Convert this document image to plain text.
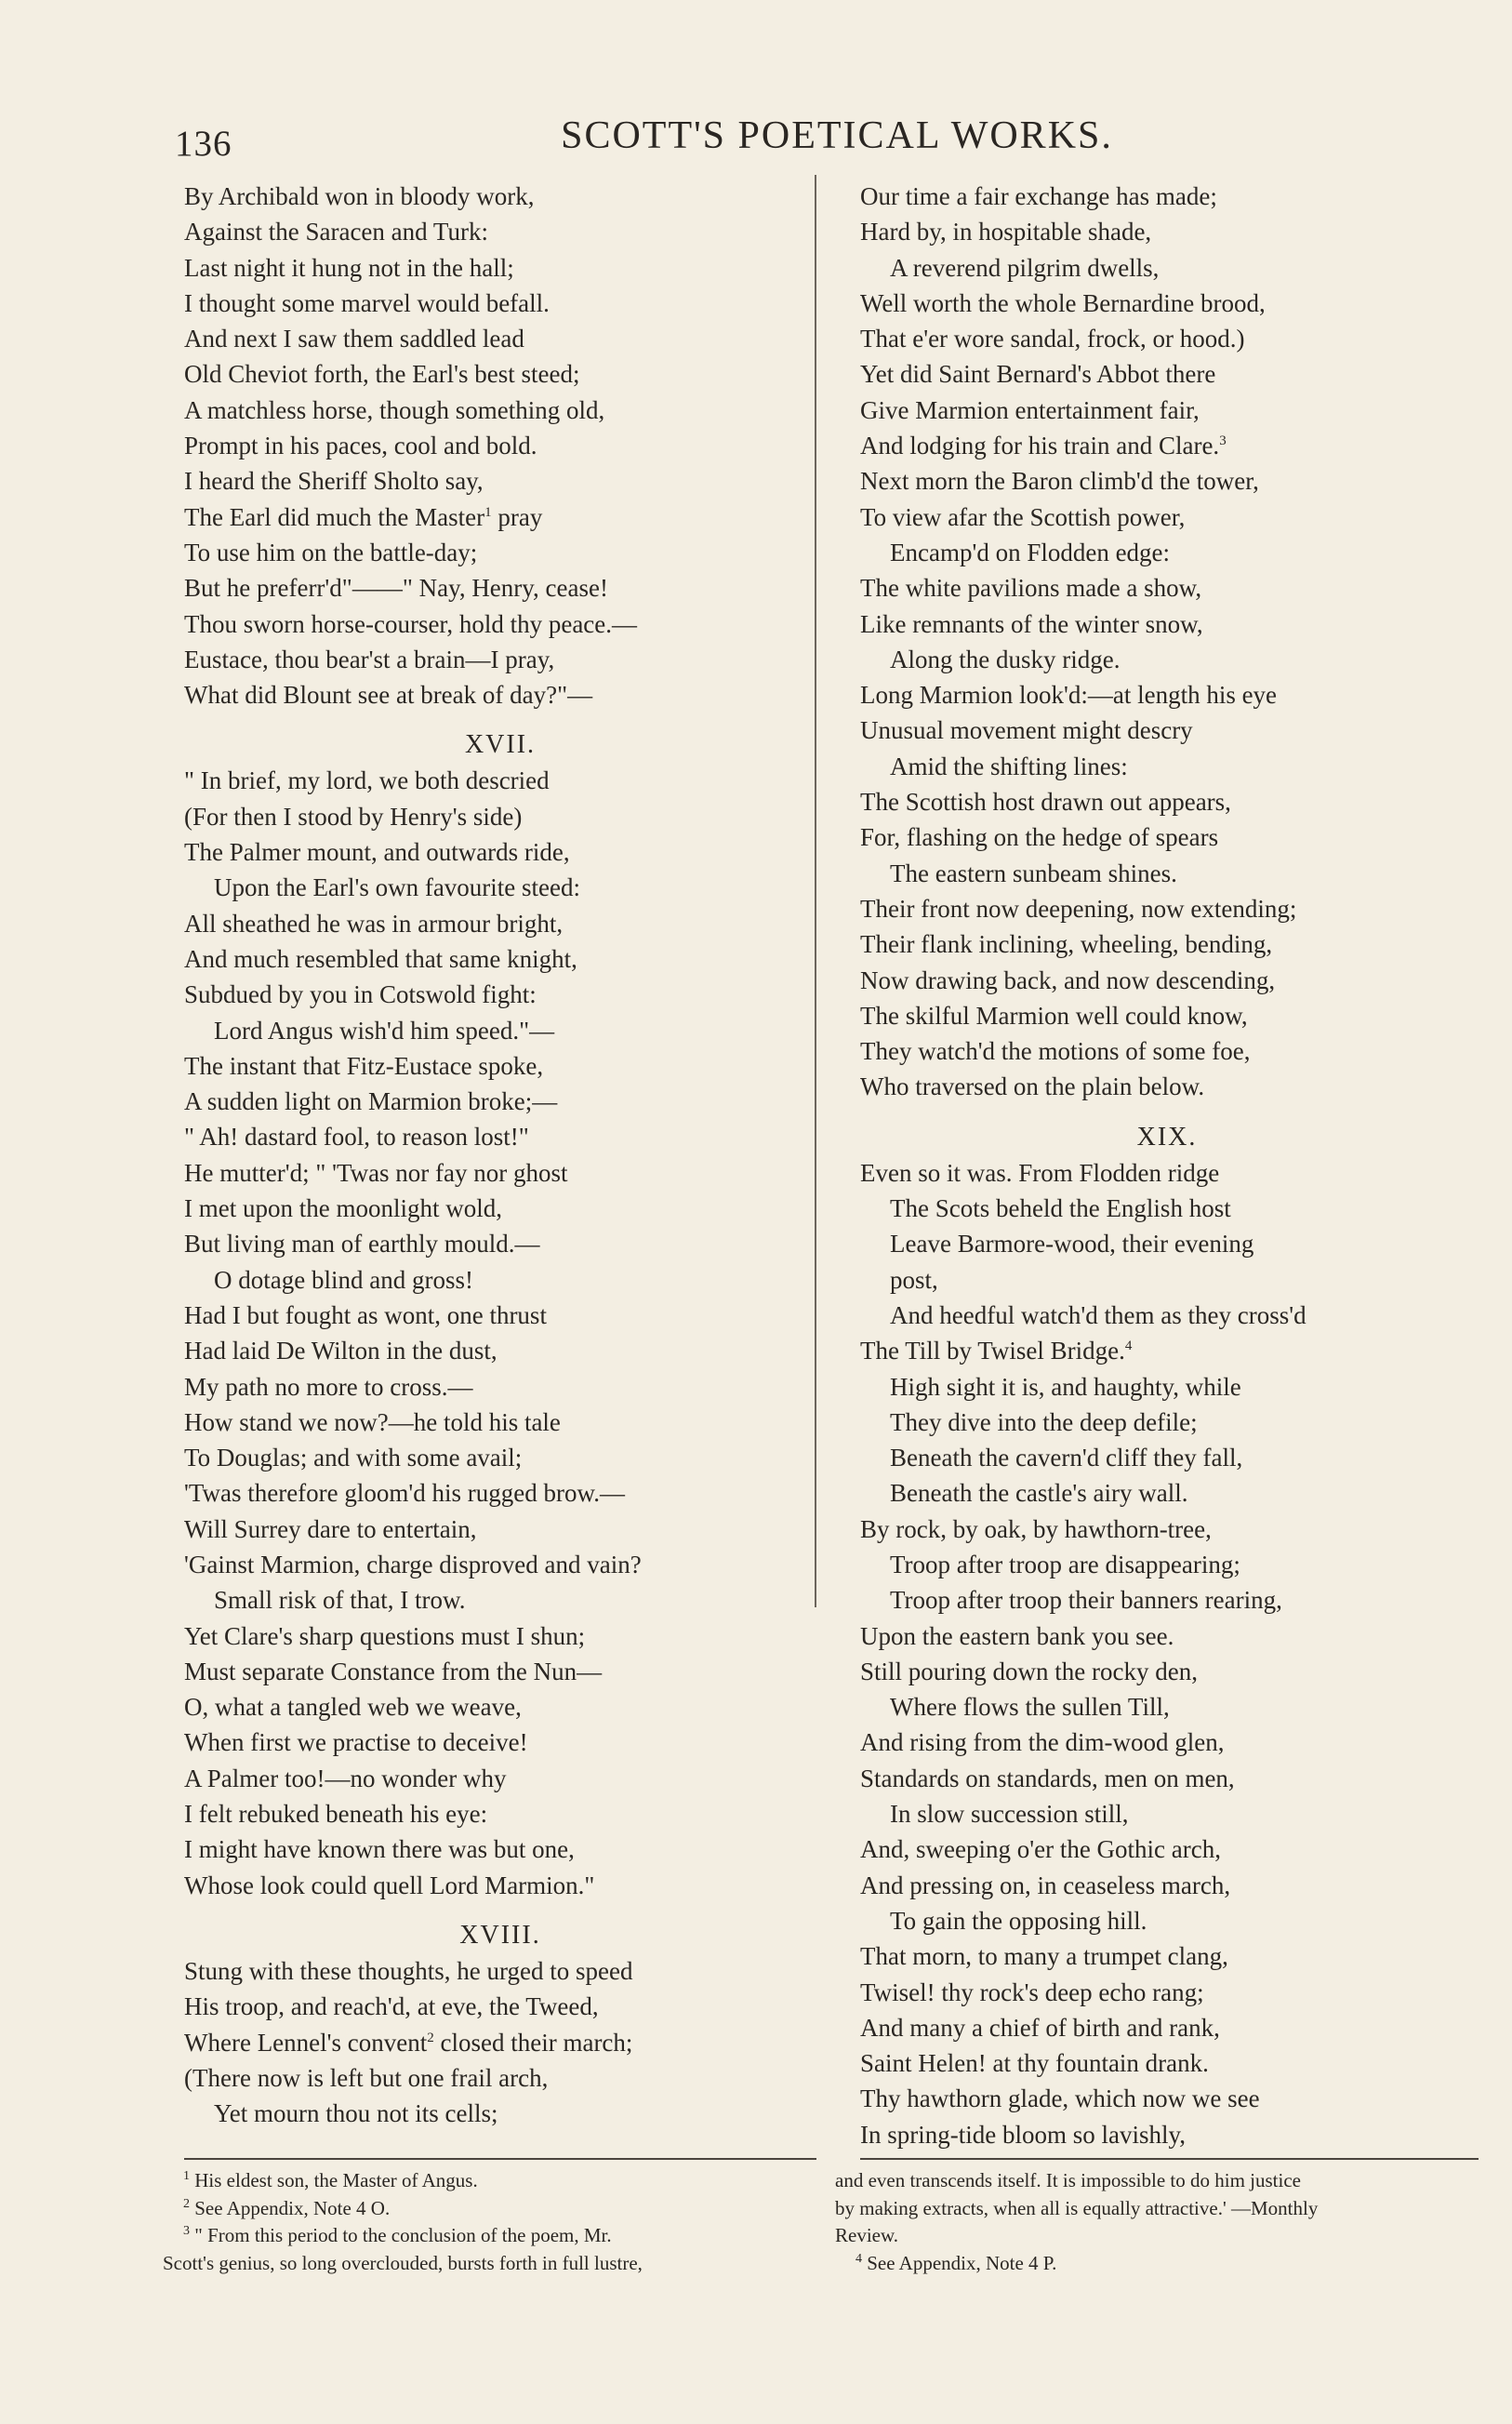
136	SCOTT'S POETICAL WORKS.
By Archibald won in bloody work,
Against the Saracen and Turk:
Last night it hung not in the hall;
I thought some marvel would befall.
And next I saw them saddled lead
Old Cheviot forth, the Earl's best steed;
A matchless horse, though something old,
Prompt in his paces, cool and bold.
I heard the Sheriff Sholto say,
The Earl did much the Master$^1$ pray
To use him on the battle-day;
But he preferr'd"——" Nay, Henry, cease!
Thou sworn horse-courser, hold thy peace.—
Eustace, thou bear'st a brain—I pray,
What did Blount see at break of day?"—
XVII.
" In brief, my lord, we both descried
(For then I stood by Henry's side)
The Palmer mount, and outwards ride,
Upon the Earl's own favourite steed:
All sheathed he was in armour bright,
And much resembled that same knight,
Subdued by you in Cotswold fight:
Lord Angus wish'd him speed."—
The instant that Fitz-Eustace spoke,
A sudden light on Marmion broke;—
" Ah! dastard fool, to reason lost!"
He mutter'd; " 'Twas nor fay nor ghost
I met upon the moonlight wold,
But living man of earthly mould.—
O dotage blind and gross!
Had I but fought as wont, one thrust
Had laid De Wilton in the dust,
My path no more to cross.—
How stand we now?—he told his tale
To Douglas; and with some avail;
'Twas therefore gloom'd his rugged brow.—
Will Surrey dare to entertain,
'Gainst Marmion, charge disproved and vain?
Small risk of that, I trow.
Yet Clare's sharp questions must I shun;
Must separate Constance from the Nun—
O, what a tangled web we weave,
When first we practise to deceive!
A Palmer too!—no wonder why
I felt rebuked beneath his eye:
I might have known there was but one,
Whose look could quell Lord Marmion."
XVIII.
Stung with these thoughts, he urged to speed
His troop, and reach'd, at eve, the Tweed,
Where Lennel's convent$^2$ closed their march;
(There now is left but one frail arch,
Yet mourn thou not its cells;
Our time a fair exchange has made;
Hard by, in hospitable shade,
A reverend pilgrim dwells,
Well worth the whole Bernardine brood,
That e'er wore sandal, frock, or hood.)
Yet did Saint Bernard's Abbot there
Give Marmion entertainment fair,
And lodging for his train and Clare.$^3$
Next morn the Baron climb'd the tower,
To view afar the Scottish power,
Encamp'd on Flodden edge:
The white pavilions made a show,
Like remnants of the winter snow,
Along the dusky ridge.
Long Marmion look'd:—at length his eye
Unusual movement might descry
Amid the shifting lines:
The Scottish host drawn out appears,
For, flashing on the hedge of spears
The eastern sunbeam shines.
Their front now deepening, now extending;
Their flank inclining, wheeling, bending,
Now drawing back, and now descending,
The skilful Marmion well could know,
They watch'd the motions of some foe,
Who traversed on the plain below.
XIX.
Even so it was. From Flodden ridge
The Scots beheld the English host
Leave Barmore-wood, their evening
post,
And heedful watch'd them as they cross'd
The Till by Twisel Bridge.$^4$
High sight it is, and haughty, while
They dive into the deep defile;
Beneath the cavern'd cliff they fall,
Beneath the castle's airy wall.
By rock, by oak, by hawthorn-tree,
Troop after troop are disappearing;
Troop after troop their banners rearing,
Upon the eastern bank you see.
Still pouring down the rocky den,
Where flows the sullen Till,
And rising from the dim-wood glen,
Standards on standards, men on men,
In slow succession still,
And, sweeping o'er the Gothic arch,
And pressing on, in ceaseless march,
To gain the opposing hill.
That morn, to many a trumpet clang,
Twisel! thy rock's deep echo rang;
And many a chief of birth and rank,
Saint Helen! at thy fountain drank.
Thy hawthorn glade, which now we see
In spring-tide bloom so lavishly,
$^1$ His eldest son, the Master of Angus.
$^2$ See Appendix, Note 4 O.
$^3$ " From this period to the conclusion of the poem, Mr.
Scott's genius, so long overclouded, bursts forth in full lustre,
and even transcends itself. It is impossible to do him justice
by making extracts, when all is equally attractive.' —Monthly
Review.
$^4$ See Appendix, Note 4 P.
